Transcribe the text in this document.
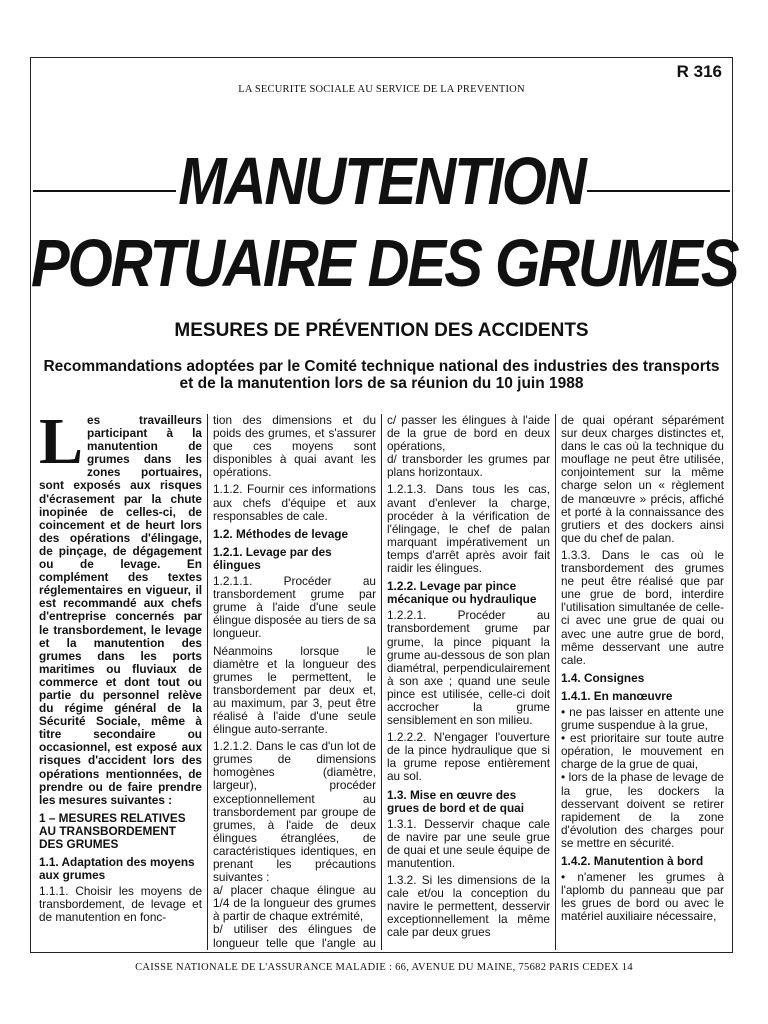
R 316
LA SECURITE SOCIALE AU SERVICE DE LA PREVENTION
MANUTENTION
PORTUAIRE DES GRUMES
MESURES DE PRÉVENTION DES ACCIDENTS
Recommandations adoptées par le Comité technique national des industries des transports et de la manutention lors de sa réunion du 10 juin 1988
L es travailleurs participant à la manutention de grumes dans les zones portuaires, sont exposés aux risques d'écrasement par la chute inopinée de celles-ci, de coincement et de heurt lors des opérations d'élingage, de pinçage, de dégagement ou de levage. En complément des textes réglementaires en vigueur, il est recommandé aux chefs d'entreprise concernés par le transbordement, le levage et la manutention des grumes dans les ports maritimes ou fluviaux de commerce et dont tout ou partie du personnel relève du régime général de la Sécurité Sociale, même à titre secondaire ou occasionnel, est exposé aux risques d'accident lors des opérations mentionnées, de prendre ou de faire prendre les mesures suivantes :

1 – MESURES RELATIVES AU TRANSBORDEMENT DES GRUMES
1.1. Adaptation des moyens aux grumes

1.1.1. Choisir les moyens de transbordement, de levage et de manutention en fonc-

tion des dimensions et du poids des grumes, et s'assurer que ces moyens sont disponibles à quai avant les opérations.

1.1.2. Fournir ces informations aux chefs d'équipe et aux responsables de cale.

1.2. Méthodes de levage
1.2.1. Levage par des élingues

1.2.1.1. Procéder au transbordement grume par grume à l'aide d'une seule élingue disposée au tiers de sa longueur.

Néanmoins lorsque le diamètre et la longueur des grumes le permettent, le transbordement par deux et, au maximum, par 3, peut être réalisé à l'aide d'une seule élingue auto-serrante.

1.2.1.2. Dans le cas d'un lot de grumes de dimensions homogènes (diamètre, largeur), procéder exceptionnellement au transbordement par groupe de grumes, à l'aide de deux élingues étranglées, de caractéristiques identiques, en prenant les précautions suivantes :

a/ placer chaque élingue au 1/4 de la longueur des grumes à partir de chaque extrémité,

b/ utiliser des élingues de longueur telle que l'angle au

c/ passer les élingues à l'aide de la grue de bord en deux opérations,

d/ transborder les grumes par plans horizontaux.

1.2.1.3. Dans tous les cas, avant d'enlever la charge, procéder à la vérification de l'élingage, le chef de palan marquant impérativement un temps d'arrêt après avoir fait raidir les élingues.

1.2.2. Levage par pince mécanique ou hydraulique

1.2.2.1. Procéder au transbordement grume par grume, la pince piquant la grume au-dessous de son plan diamétral, perpendiculairement à son axe ; quand une seule pince est utilisée, celle-ci doit accrocher la grume sensiblement en son milieu.

1.2.2.2. N'engager l'ouverture de la pince hydraulique que si la grume repose entièrement au sol.

1.3. Mise en œuvre des grues de bord et de quai

1.3.1. Desservir chaque cale de navire par une seule grue de quai et une seule équipe de manutention.

1.3.2. Si les dimensions de la cale et/ou la conception du navire le permettent, desservir exceptionnellement la même cale par deux grues

de quai opérant séparément sur deux charges distinctes et, dans le cas où la technique du mouflage ne peut être utilisée, conjointement sur la même charge selon un « règlement de manœuvre » précis, affiché et porté à la connaissance des grutiers et des dockers ainsi que du chef de palan.

1.3.3. Dans le cas où le transbordement des grumes ne peut être réalisé que par une grue de bord, interdire l'utilisation simultanée de celle-ci avec une grue de quai ou avec une autre grue de bord, même desservant une autre cale.

1.4. Consignes
1.4.1. En manœuvre

• ne pas laisser en attente une grume suspendue à la grue,

• est prioritaire sur toute autre opération, le mouvement en charge de la grue de quai,

• lors de la phase de levage de la grue, les dockers la desservant doivent se retirer rapidement de la zone d'évolution des charges pour se mettre en sécurité.

1.4.2. Manutention à bord

• n'amener les grumes à l'aplomb du panneau que par les grues de bord ou avec le matériel auxiliaire nécessaire,

CAISSE NATIONALE DE L'ASSURANCE MALADIE : 66, AVENUE DU MAINE, 75682 PARIS CEDEX 14
